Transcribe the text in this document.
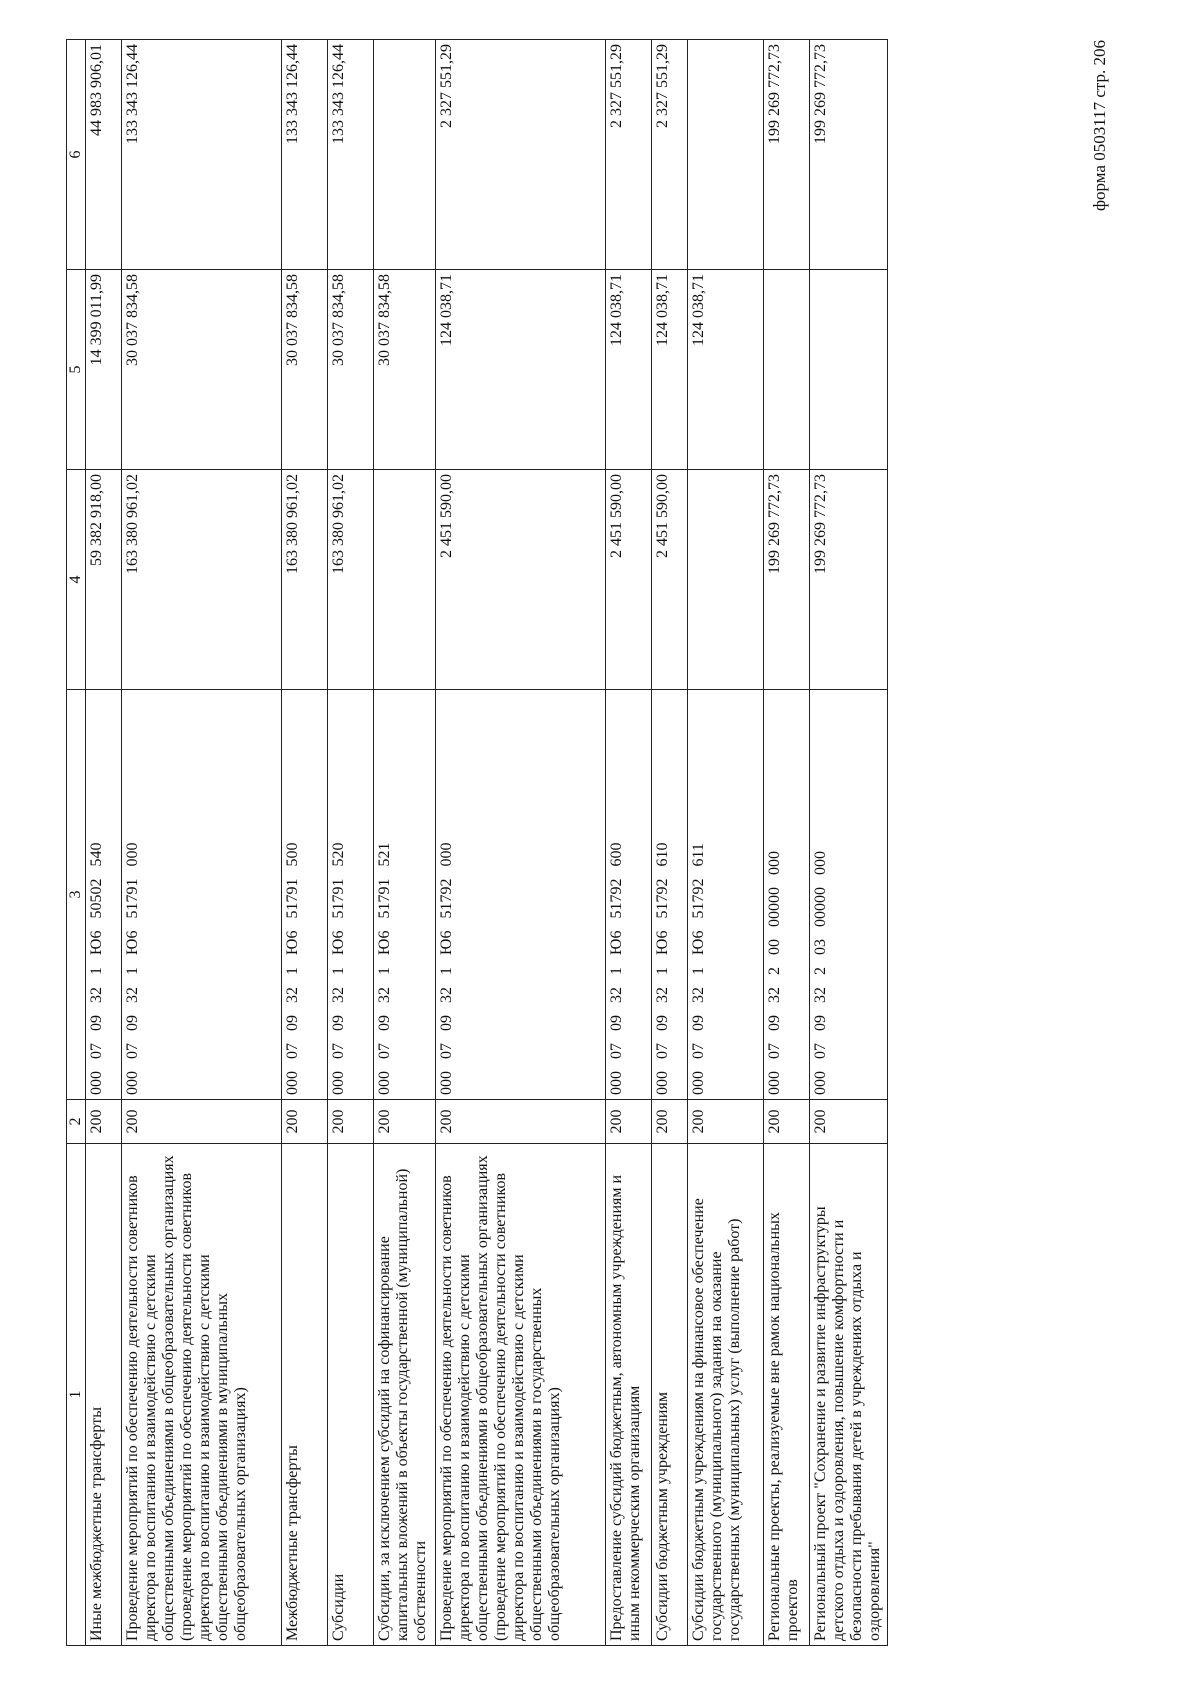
форма 0503117 стр. 206
1	2	3	4	5	6
Иные межбюджетные трансферты	200	0000709321Ю650502540	59 382 918,00	14 399 011,99	44 983 906,01
Проведение мероприятий по обеспечению деятельности советников директора по воспитанию и взаимодействию с детскими общественными объединениями в общеобразовательных организациях (проведение мероприятий по обеспечению деятельности советников директора по воспитанию и взаимодействию с детскими общественными объединениями в муниципальных общеобразовательных организациях)	200	0000709321Ю651791000	163 380 961,02	30 037 834,58	133 343 126,44
Межбюджетные трансферты	200	0000709321Ю651791500	163 380 961,02	30 037 834,58	133 343 126,44
Субсидии	200	0000709321Ю651791520	163 380 961,02	30 037 834,58	133 343 126,44
Субсидии, за исключением субсидий на софинансирование капитальных вложений в объекты государственной (муниципальной) собственности	200	0000709321Ю651791521		30 037 834,58	
Проведение мероприятий по обеспечению деятельности советников директора по воспитанию и взаимодействию с детскими общественными объединениями в общеобразовательных организациях (проведение мероприятий по обеспечению деятельности советников директора по воспитанию и взаимодействию с детскими общественными объединениями в государственных общеобразовательных организациях)	200	0000709321Ю651792000	2 451 590,00	124 038,71	2 327 551,29
Предоставление субсидий бюджетным, автономным учреждениям и иным некоммерческим организациям	200	0000709321Ю651792600	2 451 590,00	124 038,71	2 327 551,29
Субсидии бюджетным учреждениям	200	0000709321Ю651792610	2 451 590,00	124 038,71	2 327 551,29
Субсидии бюджетным учреждениям на финансовое обеспечение государственного (муниципального) задания на оказание государственных (муниципальных) услуг (выполнение работ)	200	0000709321Ю651792611		124 038,71	
Региональные проекты, реализуемые вне рамок национальных проектов	200	00007093220000000000	199 269 772,73		199 269 772,73
Региональный проект "Сохранение и развитие инфраструктуры детского отдыха и оздоровления, повышение комфортности и безопасности пребывания детей в учреждениях отдыха и оздоровления"	200	00007093220300000000	199 269 772,73		199 269 772,73
